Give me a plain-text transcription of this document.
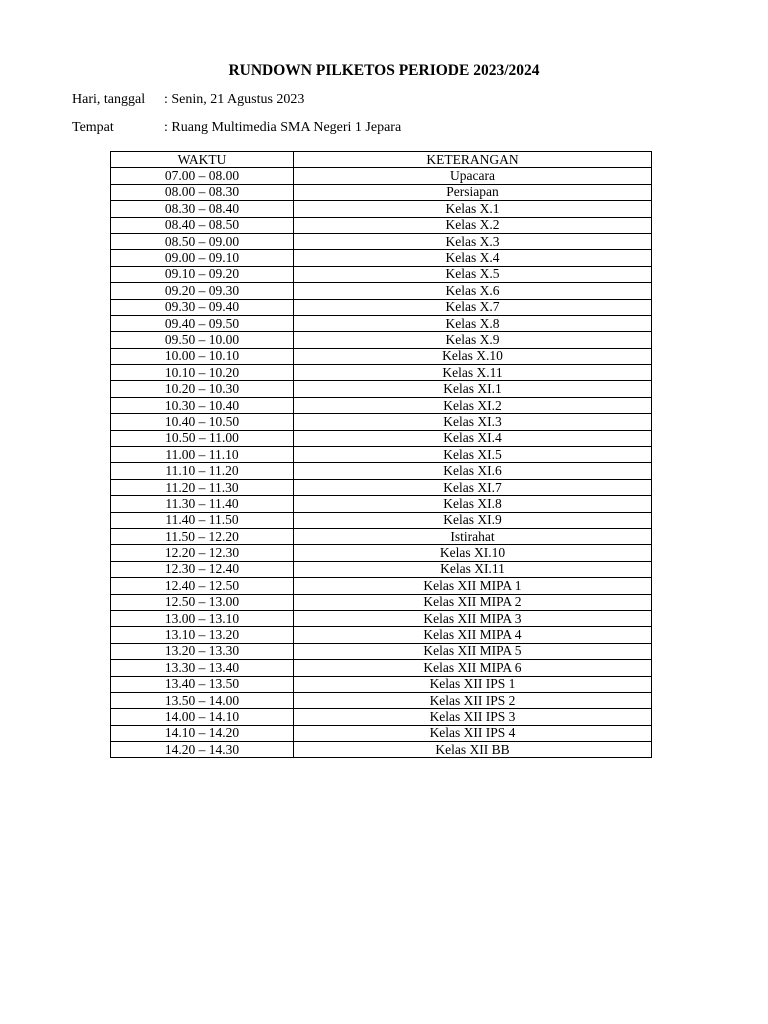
RUNDOWN PILKETOS PERIODE 2023/2024
Hari, tanggal : Senin, 21 Agustus 2023
Tempat	: Ruang Multimedia SMA Negeri 1 Jepara
WAKTU	KETERANGAN
07.00 – 08.00	Upacara
08.00 – 08.30	Persiapan
08.30 – 08.40	Kelas X.1
08.40 – 08.50	Kelas X.2
08.50 – 09.00	Kelas X.3
09.00 – 09.10	Kelas X.4
09.10 – 09.20	Kelas X.5
09.20 – 09.30	Kelas X.6
09.30 – 09.40	Kelas X.7
09.40 – 09.50	Kelas X.8
09.50 – 10.00	Kelas X.9
10.00 – 10.10	Kelas X.10
10.10 – 10.20	Kelas X.11
10.20 – 10.30	Kelas XI.1
10.30 – 10.40	Kelas XI.2
10.40 – 10.50	Kelas XI.3
10.50 – 11.00	Kelas XI.4
11.00 – 11.10	Kelas XI.5
11.10 – 11.20	Kelas XI.6
11.20 – 11.30	Kelas XI.7
11.30 – 11.40	Kelas XI.8
11.40 – 11.50	Kelas XI.9
11.50 – 12.20	Istirahat
12.20 – 12.30	Kelas XI.10
12.30 – 12.40	Kelas XI.11
12.40 – 12.50	Kelas XII MIPA 1
12.50 – 13.00	Kelas XII MIPA 2
13.00 – 13.10	Kelas XII MIPA 3
13.10 – 13.20	Kelas XII MIPA 4
13.20 – 13.30	Kelas XII MIPA 5
13.30 – 13.40	Kelas XII MIPA 6
13.40 – 13.50	Kelas XII IPS 1
13.50 – 14.00	Kelas XII IPS 2
14.00 – 14.10	Kelas XII IPS 3
14.10 – 14.20	Kelas XII IPS 4
14.20 – 14.30	Kelas XII BB
